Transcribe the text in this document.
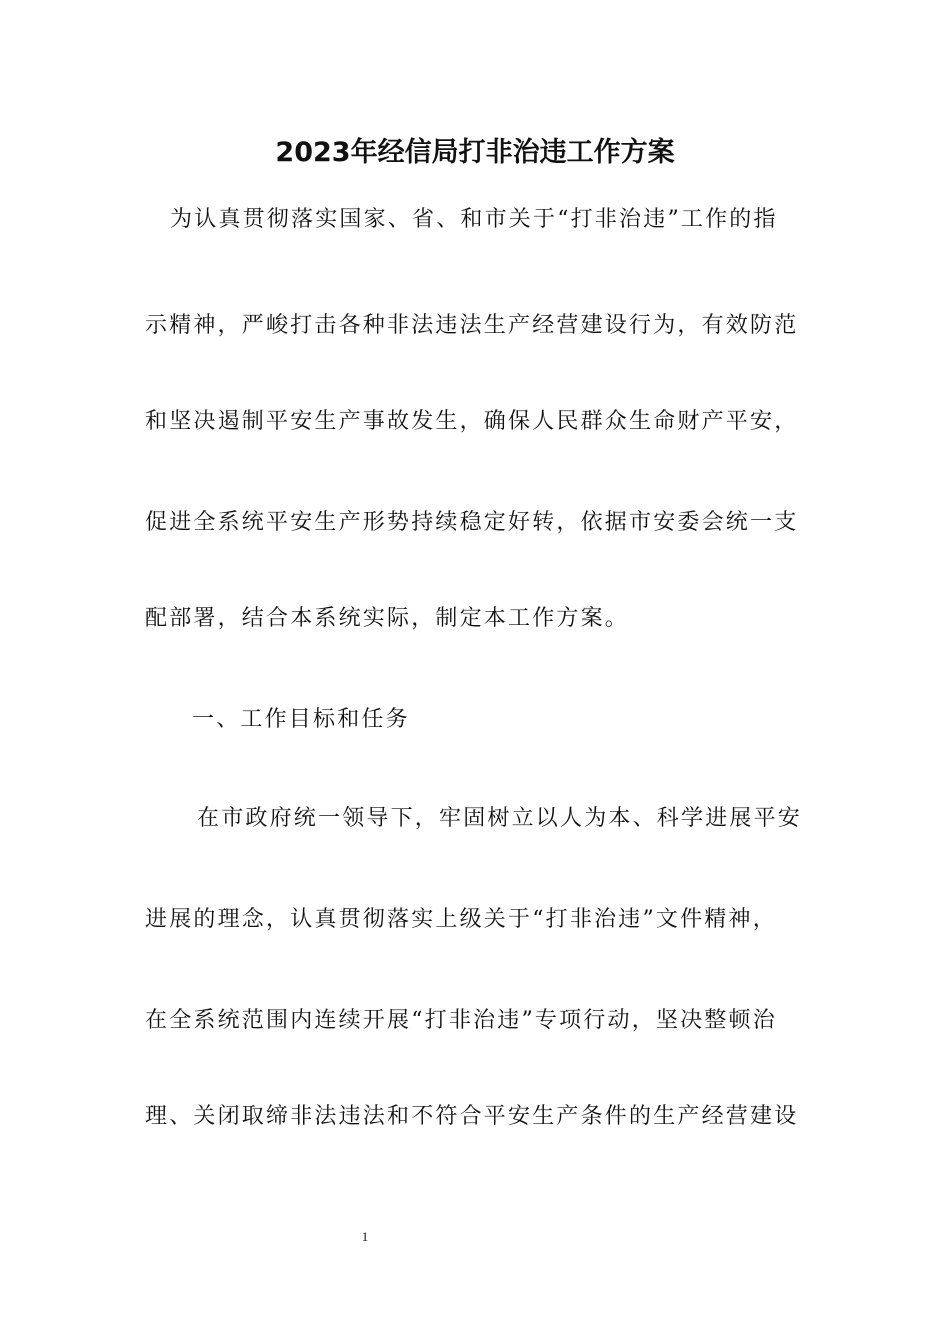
2023年经信局打非治违工作方案

为认真贯彻落实国家、省、和市关于“打非治违”工作的指

示精神，严峻打击各种非法违法生产经营建设行为，有效防范

和坚决遏制平安生产事故发生，确保人民群众生命财产平安，

促进全系统平安生产形势持续稳定好转，依据市安委会统一支

配部署，结合本系统实际，制定本工作方案。

一、工作目标和任务

在市政府统一领导下，牢固树立以人为本、科学进展平安

进展的理念，认真贯彻落实上级关于“打非治违”文件精神，

在全系统范围内连续开展“打非治违”专项行动，坚决整顿治

理、关闭取缔非法违法和不符合平安生产条件的生产经营建设

1
